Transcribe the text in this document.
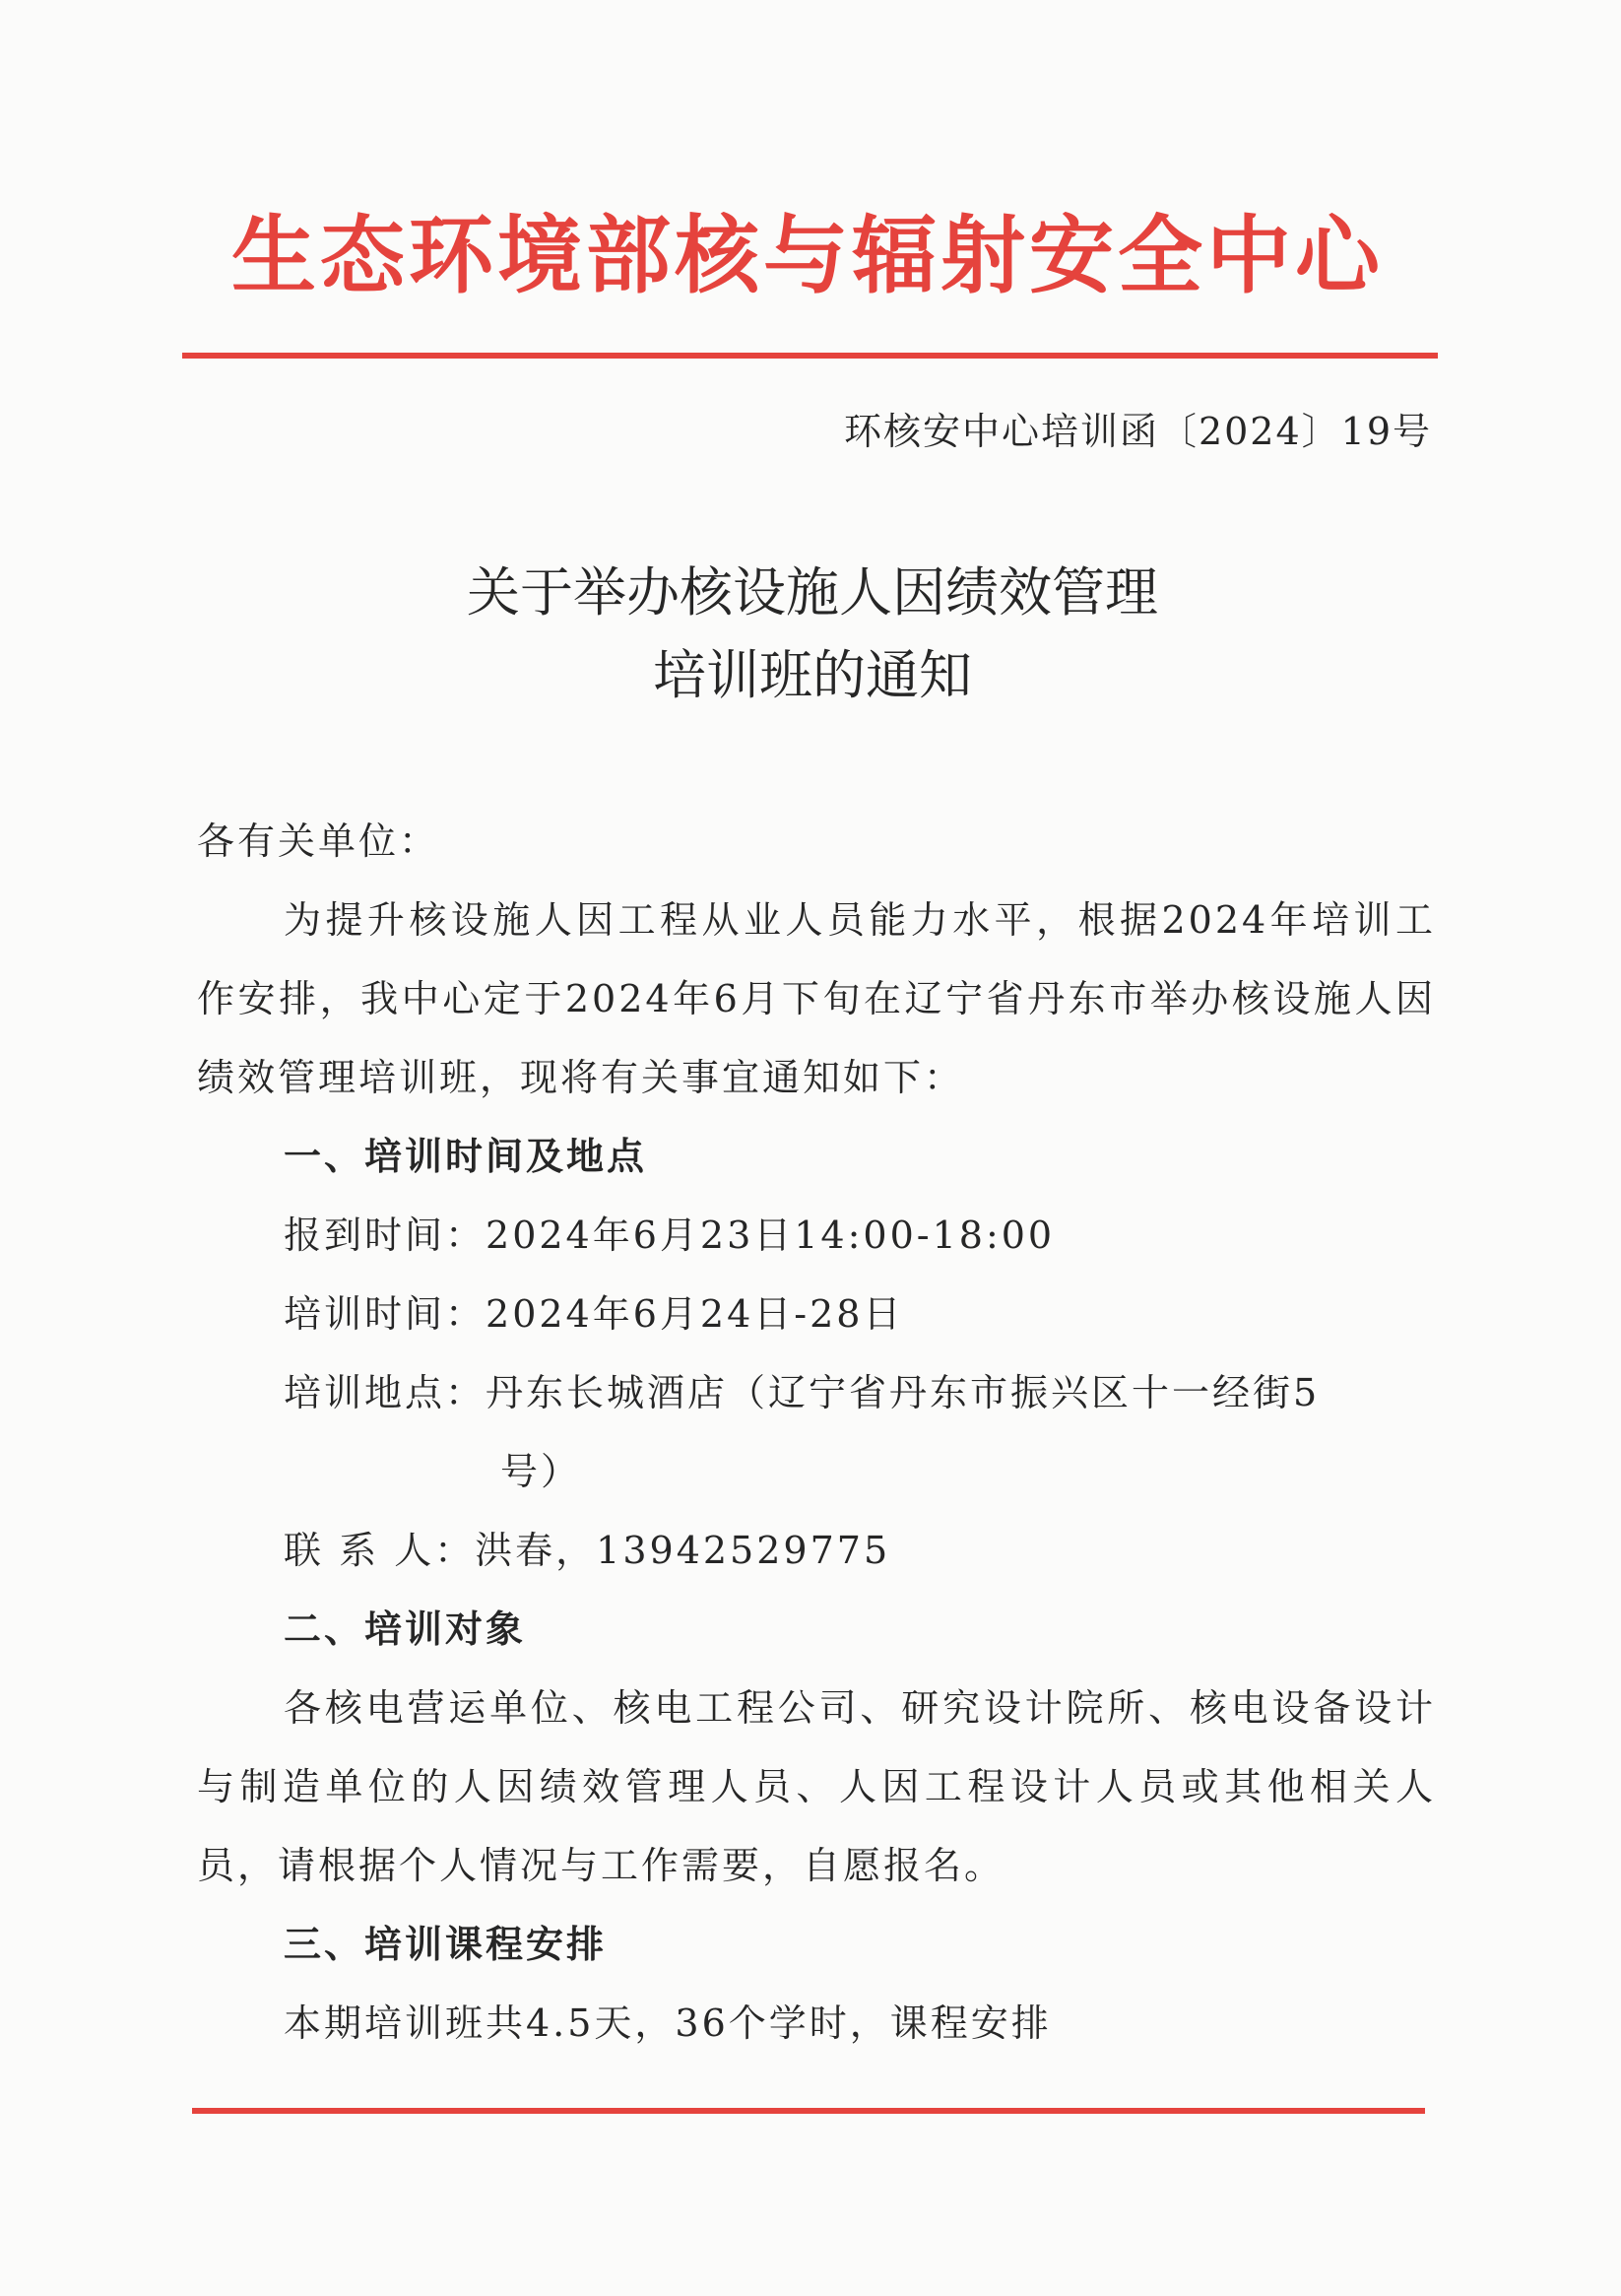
生态环境部核与辐射安全中心
环核安中心培训函〔2024〕19号
关于举办核设施人因绩效管理
培训班的通知

各有关单位：

为提升核设施人因工程从业人员能力水平，根据2024年培训工作安排，我中心定于2024年6月下旬在辽宁省丹东市举办核设施人因绩效管理培训班，现将有关事宜通知如下：

一、培训时间及地点

报到时间：2024年6月23日14:00-18:00

培训时间：2024年6月24日-28日

培训地点：丹东长城酒店（辽宁省丹东市振兴区十一经街5
号）

联 系 人：洪春，13942529775

二、培训对象

各核电营运单位、核电工程公司、研究设计院所、核电设备设计与制造单位的人因绩效管理人员、人因工程设计人员或其他相关人员，请根据个人情况与工作需要，自愿报名。

三、培训课程安排

本期培训班共4.5天，36个学时，课程安排
